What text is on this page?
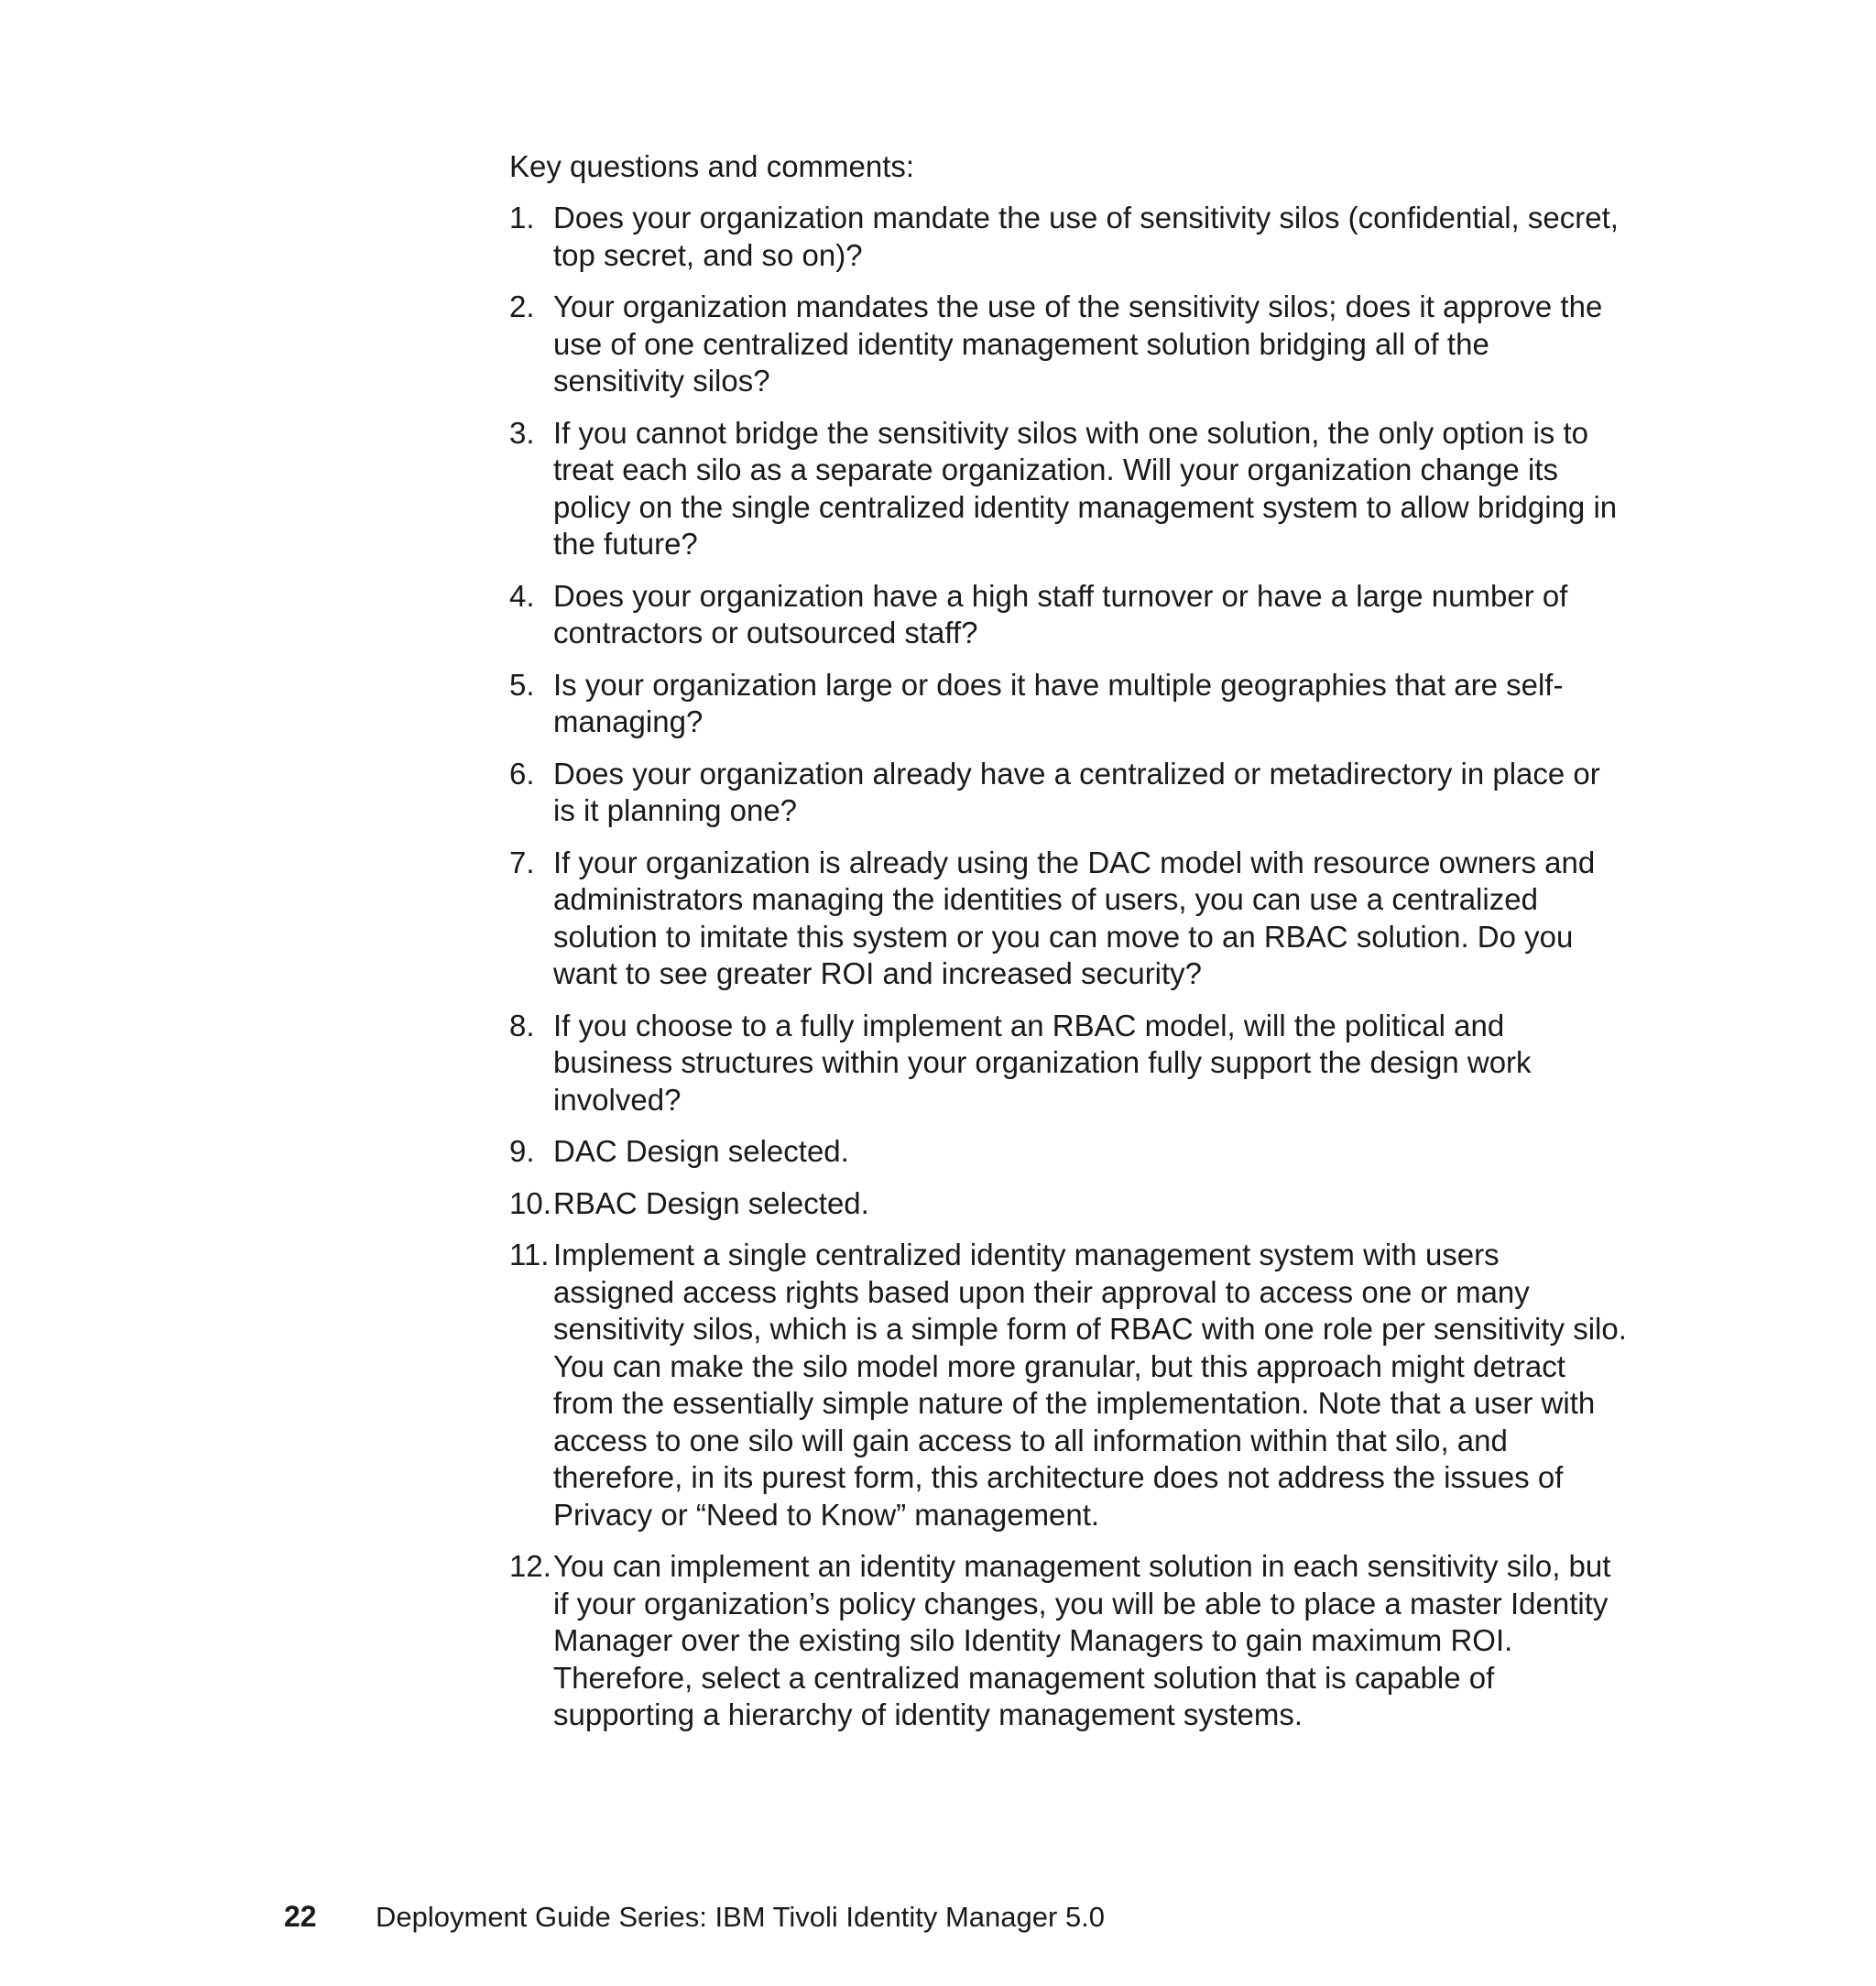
Key questions and comments:

1. Does your organization mandate the use of sensitivity silos (confidential, secret, top secret, and so on)?
2. Your organization mandates the use of the sensitivity silos; does it approve the use of one centralized identity management solution bridging all of the sensitivity silos?
3. If you cannot bridge the sensitivity silos with one solution, the only option is to treat each silo as a separate organization. Will your organization change its policy on the single centralized identity management system to allow bridging in the future?
4. Does your organization have a high staff turnover or have a large number of contractors or outsourced staff?
5. Is your organization large or does it have multiple geographies that are self-managing?
6. Does your organization already have a centralized or metadirectory in place or is it planning one?
7. If your organization is already using the DAC model with resource owners and administrators managing the identities of users, you can use a centralized solution to imitate this system or you can move to an RBAC solution. Do you want to see greater ROI and increased security?
8. If you choose to a fully implement an RBAC model, will the political and business structures within your organization fully support the design work involved?
9. DAC Design selected.
10. RBAC Design selected.
11. Implement a single centralized identity management system with users assigned access rights based upon their approval to access one or many sensitivity silos, which is a simple form of RBAC with one role per sensitivity silo. You can make the silo model more granular, but this approach might detract from the essentially simple nature of the implementation. Note that a user with access to one silo will gain access to all information within that silo, and therefore, in its purest form, this architecture does not address the issues of Privacy or “Need to Know” management.
12. You can implement an identity management solution in each sensitivity silo, but if your organization’s policy changes, you will be able to place a master Identity Manager over the existing silo Identity Managers to gain maximum ROI. Therefore, select a centralized management solution that is capable of supporting a hierarchy of identity management systems.
22 Deployment Guide Series: IBM Tivoli Identity Manager 5.0
